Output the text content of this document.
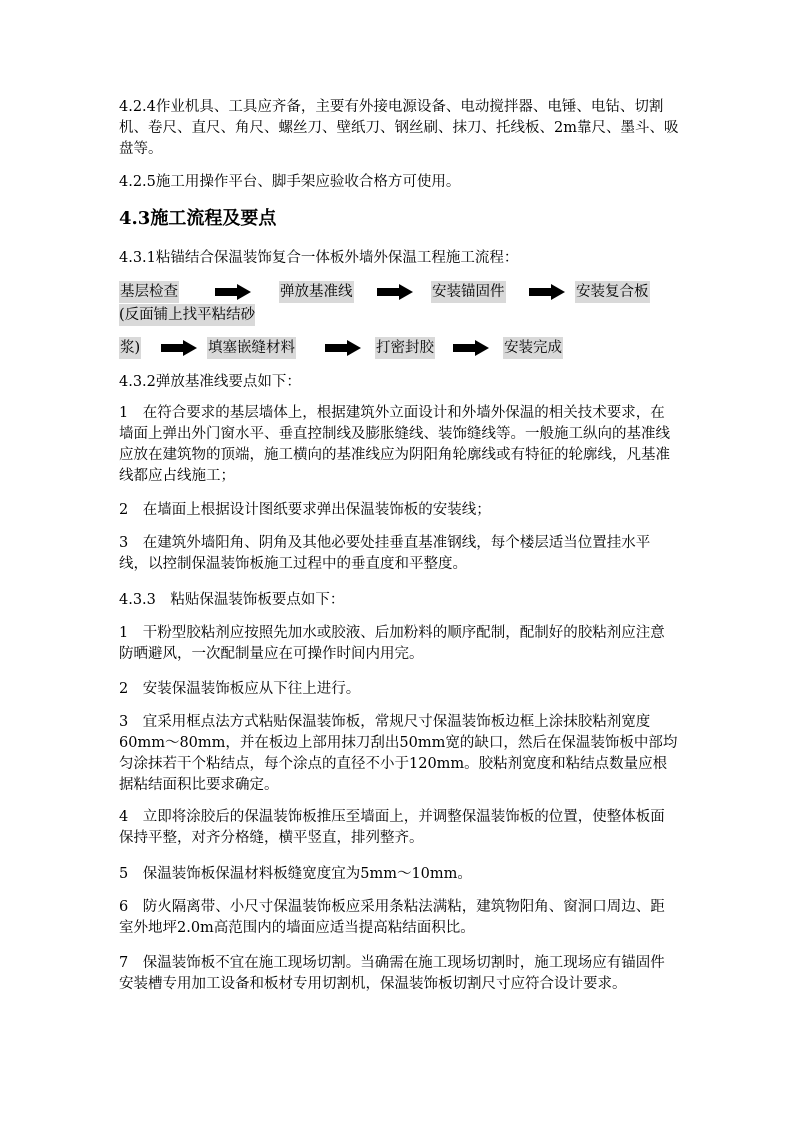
4.2.4作业机具、工具应齐备，主要有外接电源设备、电动搅拌器、电锤、电钻、切割机、卷尺、直尺、角尺、螺丝刀、壁纸刀、钢丝刷、抹刀、托线板、2m靠尺、墨斗、吸盘等。

4.2.5施工用操作平台、脚手架应验收合格方可使用。

4.3施工流程及要点

4.3.1粘锚结合保温装饰复合一体板外墙外保温工程施工流程：

基层检查	弹放基准线	安装锚固件	安装复合板
(反面铺上找平粘结砂
浆)	填塞嵌缝材料	打密封胶	安装完成

4.3.2弹放基准线要点如下：

1　在符合要求的基层墙体上，根据建筑外立面设计和外墙外保温的相关技术要求，在墙面上弹出外门窗水平、垂直控制线及膨胀缝线、装饰缝线等。一般施工纵向的基准线应放在建筑物的顶端，施工横向的基准线应为阴阳角轮廓线或有特征的轮廓线，凡基准线都应占线施工；

2　在墙面上根据设计图纸要求弹出保温装饰板的安装线；

3　在建筑外墙阳角、阴角及其他必要处挂垂直基准钢线，每个楼层适当位置挂水平线，以控制保温装饰板施工过程中的垂直度和平整度。

4.3.3　粘贴保温装饰板要点如下：

1　干粉型胶粘剂应按照先加水或胶液、后加粉料的顺序配制，配制好的胶粘剂应注意防晒避风，一次配制量应在可操作时间内用完。

2　安装保温装饰板应从下往上进行。

3　宜采用框点法方式粘贴保温装饰板，常规尺寸保温装饰板边框上涂抹胶粘剂宽度60mm～80mm，并在板边上部用抹刀刮出50mm宽的缺口，然后在保温装饰板中部均匀涂抹若干个粘结点，每个涂点的直径不小于120mm。胶粘剂宽度和粘结点数量应根据粘结面积比要求确定。

4　立即将涂胶后的保温装饰板推压至墙面上，并调整保温装饰板的位置，使整体板面保持平整，对齐分格缝，横平竖直，排列整齐。

5　保温装饰板保温材料板缝宽度宜为5mm～10mm。

6　防火隔离带、小尺寸保温装饰板应采用条粘法满粘，建筑物阳角、窗洞口周边、距室外地坪2.0m高范围内的墙面应适当提高粘结面积比。

7　保温装饰板不宜在施工现场切割。当确需在施工现场切割时，施工现场应有锚固件安装槽专用加工设备和板材专用切割机，保温装饰板切割尺寸应符合设计要求。
